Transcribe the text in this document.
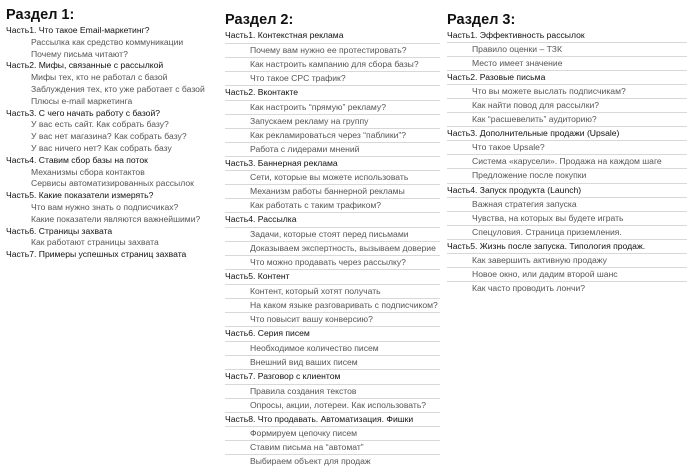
Раздел 1:
Часть1. Что такое Email-маркетинг?
Рассылка как средство коммуникации
Почему письма читают?
Часть2. Мифы, связанные с рассылкой
Мифы тех, кто не работал с базой
Заблуждения тех, кто уже работает с базой
Плюсы e-mail маркетинга
Часть3. С чего начать работу с базой?
У вас есть сайт. Как собрать базу?
У вас нет магазина? Как собрать базу?
У вас ничего нет? Как собрать базу
Часть4. Ставим сбор базы на поток
Механизмы сбора контактов
Сервисы автоматизированных рассылок
Часть5. Какие показатели измерять?
Что вам нужно знать о подписчиках?
Какие показатели являются важнейшими?
Часть6. Страницы захвата
Как работают страницы захвата
Часть7. Примеры успешных страниц захвата
Раздел 2:
Часть1. Контекстная реклама
Почему вам нужно ее протестировать?
Как настроить кампанию для сбора базы?
Что такое CPC трафик?
Часть2. Вконтакте
Как настроить “прямую” рекламу?
Запускаем рекламу на группу
Как рекламироваться через “паблики”?
Работа с лидерами мнений
Часть3. Баннерная реклама
Сети, которые вы можете использовать
Механизм работы баннерной рекламы
Как работать с таким трафиком?
Часть4. Рассылка
Задачи, которые стоят перед письмами
Доказываем экспертность, вызываем доверие
Что можно продавать через рассылку?
Часть5. Контент
Контент, который хотят получать
На каком языке разговаривать с подписчиком?
Что повысит вашу конверсию?
Часть6. Серия писем
Необходимое количество писем
Внешний вид ваших писем
Часть7. Разговор с клиентом
Правила создания текстов
Опросы, акции, лотереи. Как использовать?
Часть8. Что продавать. Автоматизация. Фишки
Формируем цепочку писем
Ставим письма на “автомат”
Выбираем объект для продаж
Раздел 3:
Часть1. Эффективность рассылок
Правило оценки – ТЗК
Место имеет значение
Часть2. Разовые письма
Что вы можете выслать подписчикам?
Как найти повод для рассылки?
Как “расшевелить” аудиторию?
Часть3. Дополнительные продажи (Upsale)
Что такое Upsale?
Система «карусели». Продажа на каждом шаге
Предложение после покупки
Часть4. Запуск продукта (Launch)
Важная стратегия запуска
Чувства, на которых вы будете играть
Спецуловия. Страница приземления.
Часть5. Жизнь после запуска. Типология продаж.
Как завершить активную продажу
Новое окно, или дадим второй шанс
Как часто проводить лончи?
